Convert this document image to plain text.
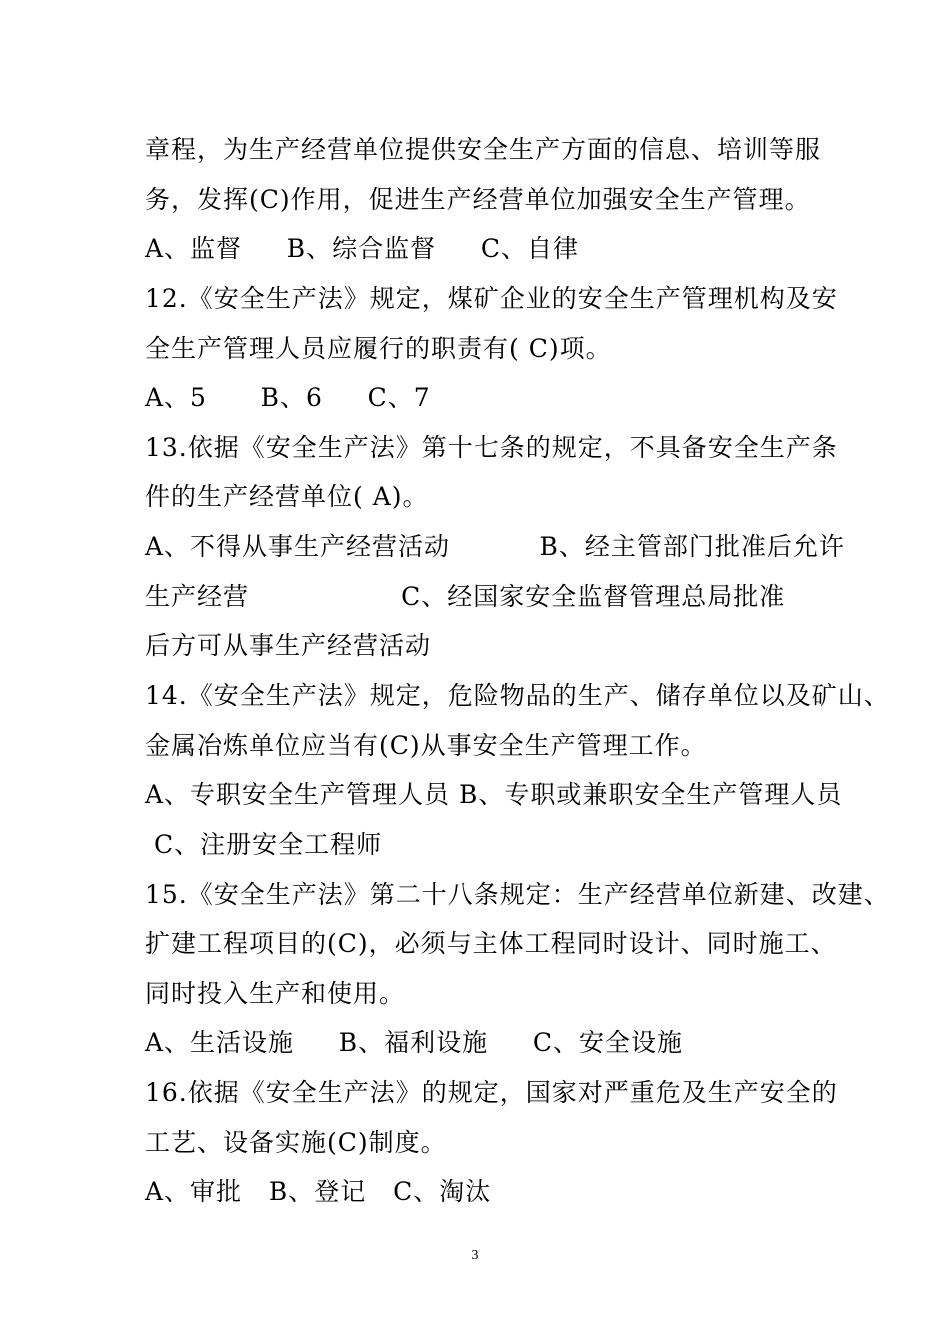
章程，为生产经营单位提供安全生产方面的信息、培训等服
务，发挥(C)作用，促进生产经营单位加强安全生产管理。
A、监督     B、综合监督     C、自律
12.《安全生产法》规定，煤矿企业的安全生产管理机构及安
全生产管理人员应履行的职责有( C)项。
A、5      B、6     C、7
13.依据《安全生产法》第十七条的规定，不具备安全生产条
件的生产经营单位( A)。
A、不得从事生产经营活动          B、经主管部门批准后允许
生产经营                 C、经国家安全监督管理总局批准
后方可从事生产经营活动
14.《安全生产法》规定，危险物品的生产、储存单位以及矿山、
金属冶炼单位应当有(C)从事安全生产管理工作。
A、专职安全生产管理人员 B、专职或兼职安全生产管理人员
C、注册安全工程师
15.《安全生产法》第二十八条规定：生产经营单位新建、改建、
扩建工程项目的(C)，必须与主体工程同时设计、同时施工、
同时投入生产和使用。
A、生活设施     B、福利设施     C、安全设施
16.依据《安全生产法》的规定，国家对严重危及生产安全的
工艺、设备实施(C)制度。
A、审批   B、登记   C、淘汰
3
